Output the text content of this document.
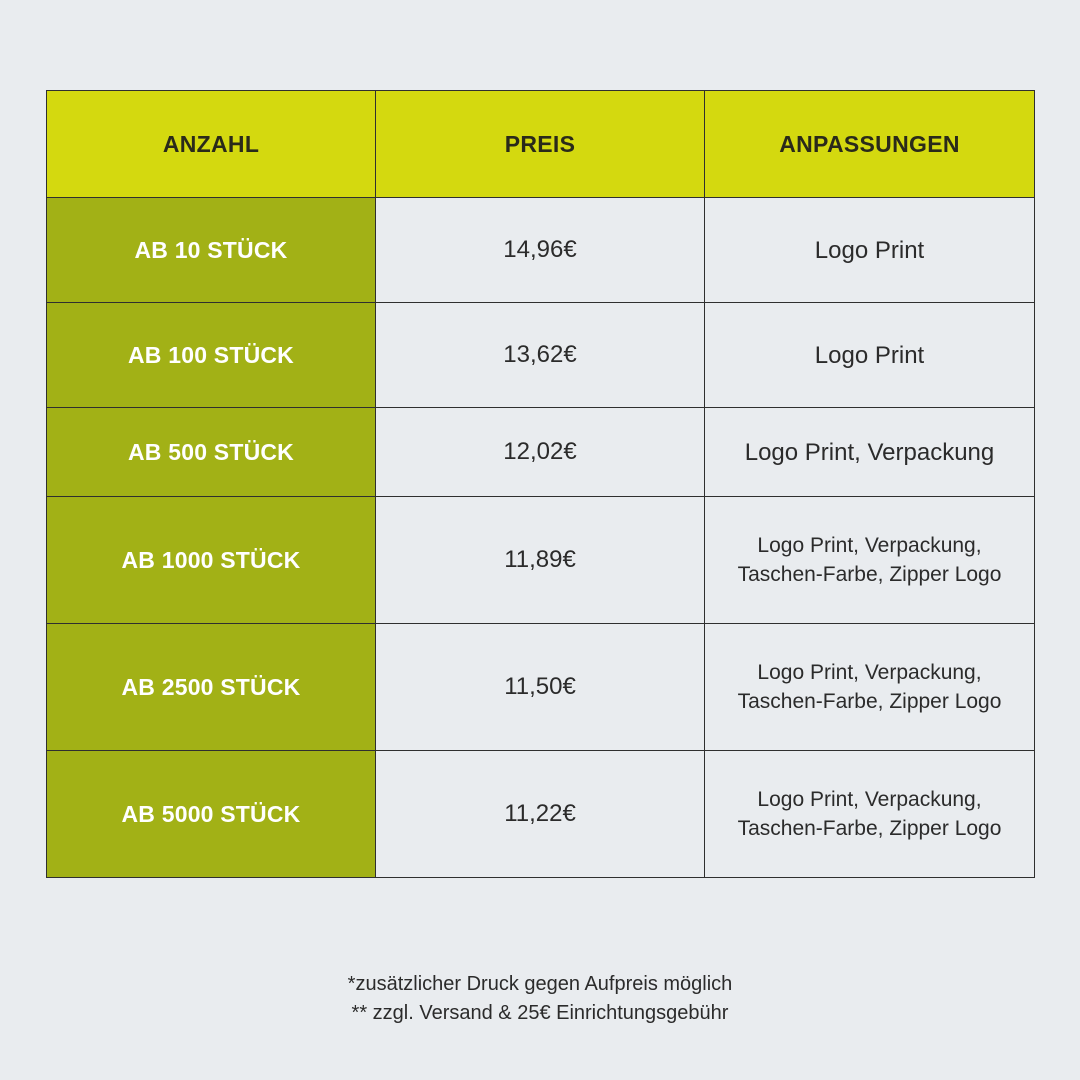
ANZAHL	PREIS	ANPASSUNGEN
AB 10 STÜCK	14,96€	Logo Print

AB 100 STÜCK	13,62€	Logo Print

AB 500 STÜCK	12,02€	Logo Print, Verpackung

AB 1000 STÜCK	11,89€	Logo Print, Verpackung,
Taschen-Farbe, Zipper Logo

AB 2500 STÜCK	11,50€	Logo Print, Verpackung,
Taschen-Farbe, Zipper Logo

AB 5000 STÜCK	11,22€	Logo Print, Verpackung,
Taschen-Farbe, Zipper Logo
*zusätzlicher Druck gegen Aufpreis möglich
** zzgl. Versand & 25€ Einrichtungsgebühr
